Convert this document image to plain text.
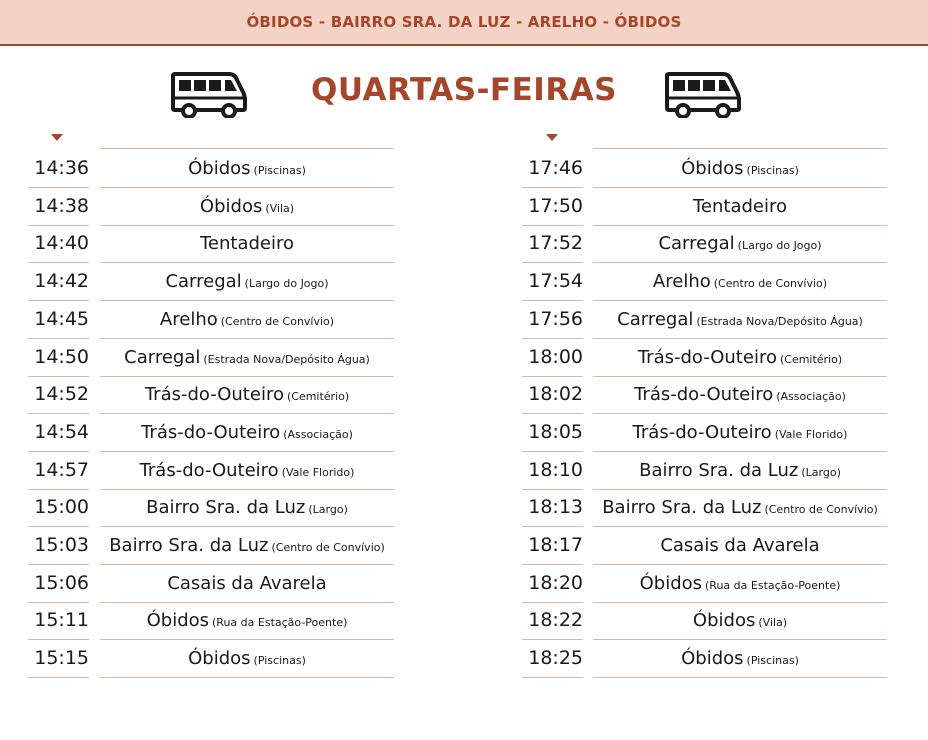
ÓBIDOS - BAIRRO SRA. DA LUZ - ARELHO - ÓBIDOS
QUARTAS-FEIRAS
14:36	Óbidos (Piscinas)
14:38	Óbidos (Vila)
14:40	Tentadeiro
14:42	Carregal (Largo do Jogo)
14:45	Arelho (Centro de Convívio)
14:50	Carregal (Estrada Nova/Depósito Água)
14:52	Trás-do-Outeiro (Cemitério)
14:54	Trás-do-Outeiro (Associação)
14:57	Trás-do-Outeiro (Vale Florido)
15:00	Bairro Sra. da Luz (Largo)
15:03	Bairro Sra. da Luz (Centro de Convívio)
15:06	Casais da Avarela
15:11	Óbidos (Rua da Estação-Poente)
15:15	Óbidos (Piscinas)
17:46	Óbidos (Piscinas)
17:50	Tentadeiro
17:52	Carregal (Largo do Jogo)
17:54	Arelho (Centro de Convívio)
17:56	Carregal (Estrada Nova/Depósito Água)
18:00	Trás-do-Outeiro (Cemitério)
18:02	Trás-do-Outeiro (Associação)
18:05	Trás-do-Outeiro (Vale Florido)
18:10	Bairro Sra. da Luz (Largo)
18:13	Bairro Sra. da Luz (Centro de Convívio)
18:17	Casais da Avarela
18:20	Óbidos (Rua da Estação-Poente)
18:22	Óbidos (Vila)
18:25	Óbidos (Piscinas)
